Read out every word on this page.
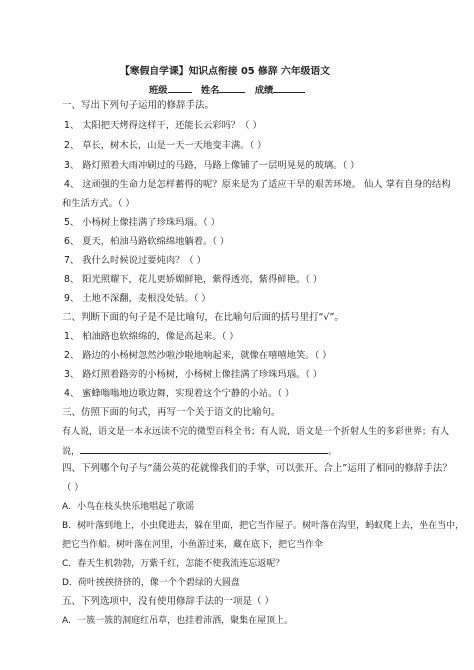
【寒假自学课】知识点衔接 05 修辞 六年级语文
班级	姓名	成绩
一、写出下列句子运用的修辞手法。
1、 太阳把天烤得这样干，还能长云彩吗？（ ）
2、 草长，树木长，山是一天一天地变丰满。（ ）
3、 路灯照着大雨冲刷过的马路，马路上像铺了一层明晃晃的玻璃。（ ）
4、 这顽强的生命力是怎样蓄得的呢？原来是为了适应干旱的艰苦环境。 仙人 掌有自身的结构
和生活方式。（ ）
5、 小杨树上像挂满了珍珠玛瑙。（ ）
6、 夏天，柏油马路软绵绵地躺着。（ ）
7、 我什么时候说过要炖肉？（ ）
8、 阳光照耀下，花儿更娇媚鲜艳，紫得透亮，紫得鲜艳。（ ）
9、 土地不深翻，麦根没处钻。（ ）
二、判断下面的句子是不是比喻句，在比喻句后面的括号里打“√”。
1、 柏油路也软绵绵的，像是高起来。（ ）
2、 路边的小杨树忽然沙啦沙啦地响起来，就像在嘻嘻地笑。（ ）
3、 路灯照着路旁的小杨树，小杨树上像挂满了珍珠玛瑙。（ ）
4、 蜜蜂嗡嗡地边歌边舞，实现着这个宁静的小站。（ ）
三、仿照下面的句式，再写一个关于语文的比喻句。
有人说，语文是一本永远读不完的微型百科全书；有人说，语文是一个折射人生的多彩世界；有人
说，	。
四、下列哪个句子与“蒲公英的花就像我们的手掌，可以张开、合上”运用了相同的修辞手法？
（ ）
A．小鸟在枝头快乐地唱起了歌谣
B．树叶落到地上，小虫爬进去，躲在里面，把它当作屋子。树叶落在沟里，蚂蚁爬上去，坐在当中，
把它当作船。树叶落在河里，小鱼游过来，藏在底下，把它当作伞
C．春天生机勃勃，万紫千红，怎能不使我流连忘返呢？
D．荷叶挨挨挤挤的，像一个个碧绿的大圆盘
五、下列选项中，没有使用修辞手法的一项是（ ）
A．一簇一簇的洞庭红吊草，也挂着沛洒，聚集在屋顶上。
